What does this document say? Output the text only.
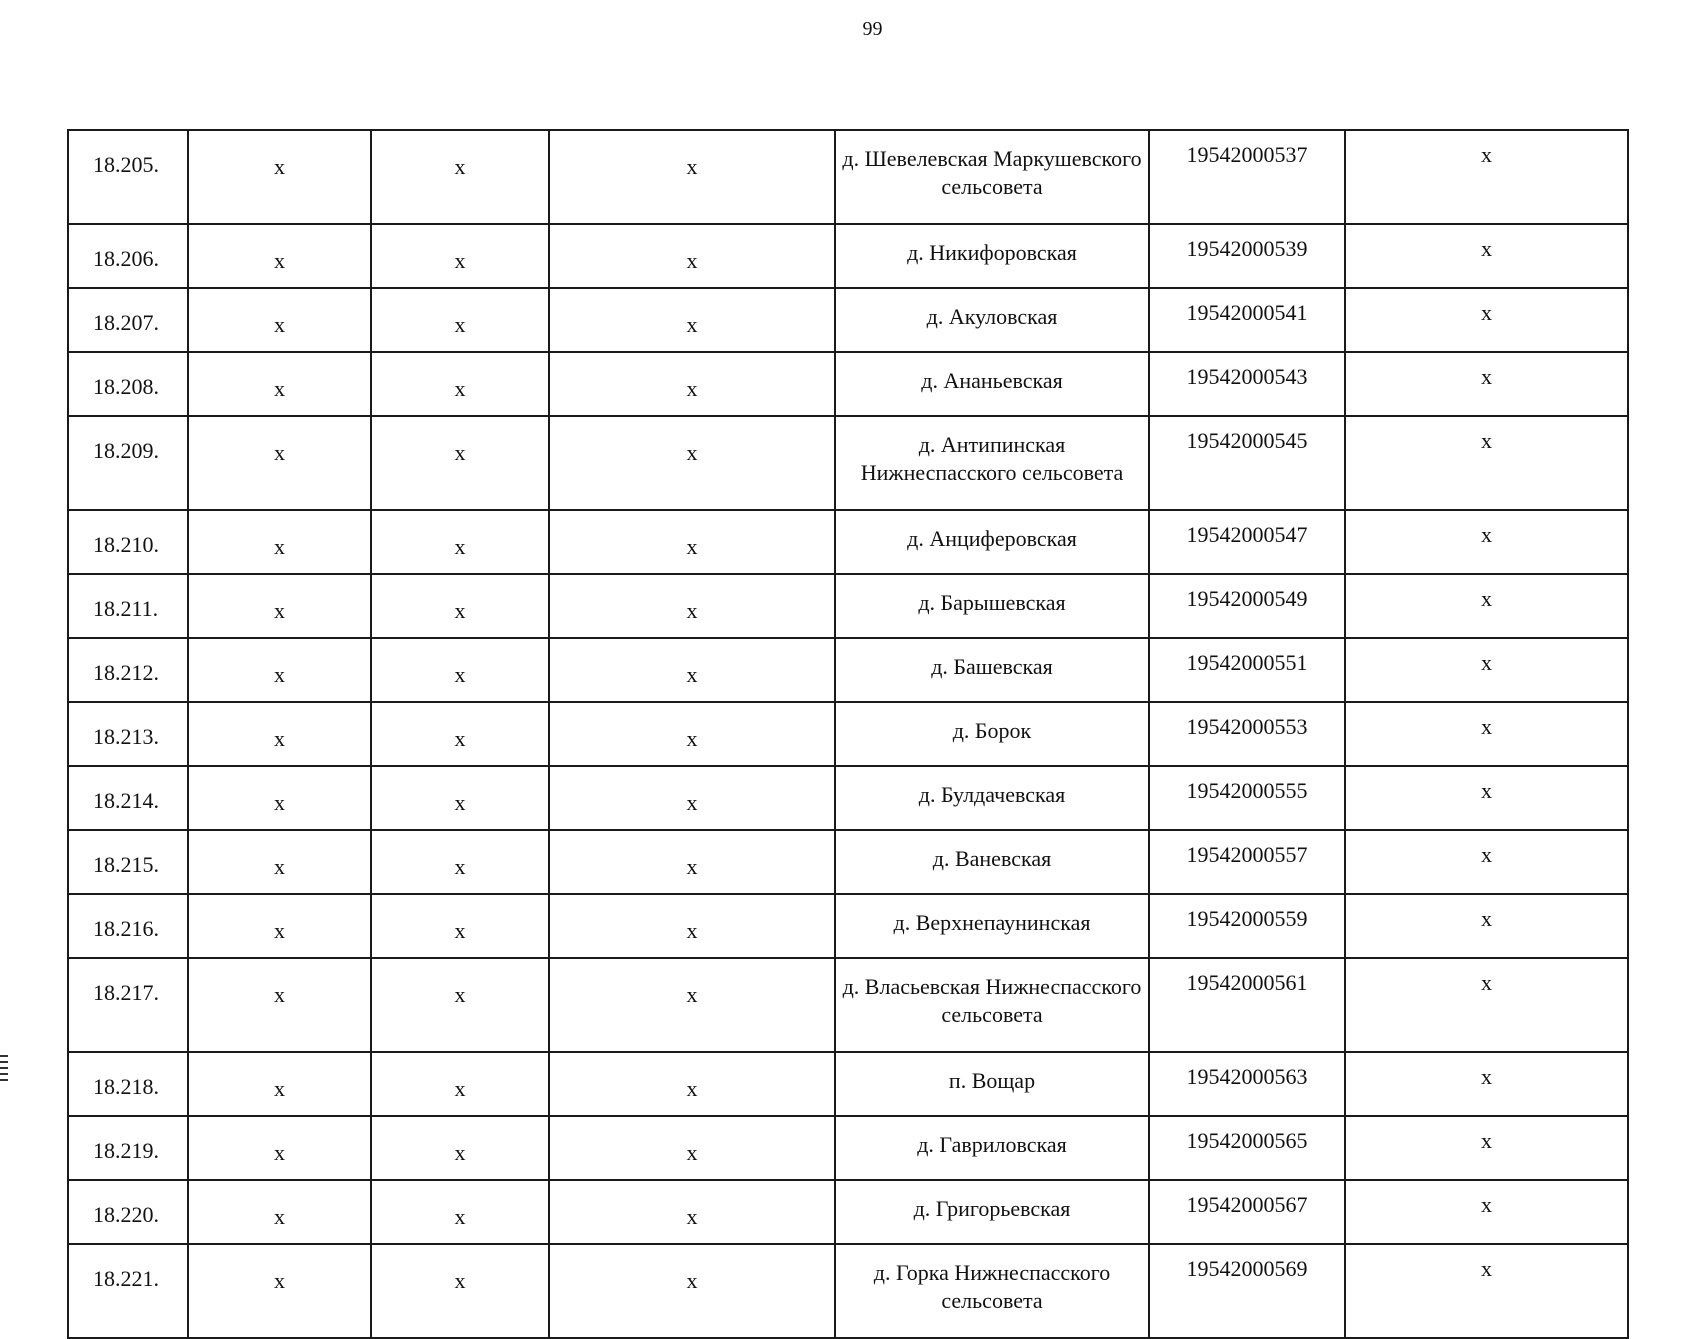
99
18.205.	х	х	х	д. Шевелевская Маркушевского сельсовета	19542000537	х
18.206.	х	х	х	д. Никифоровская	19542000539	х
18.207.	х	х	х	д. Акуловская	19542000541	х
18.208.	х	х	х	д. Ананьевская	19542000543	х
18.209.	х	х	х	д. Антипинская Нижнеспасского сельсовета	19542000545	х
18.210.	х	х	х	д. Анциферовская	19542000547	х
18.211.	х	х	х	д. Барышевская	19542000549	х
18.212.	х	х	х	д. Башевская	19542000551	х
18.213.	х	х	х	д. Борок	19542000553	х
18.214.	х	х	х	д. Булдачевская	19542000555	х
18.215.	х	х	х	д. Ваневская	19542000557	х
18.216.	х	х	х	д. Верхнепаунинская	19542000559	х
18.217.	х	х	х	д. Власьевская Нижнеспасского сельсовета	19542000561	х
18.218.	х	х	х	п. Вощар	19542000563	х
18.219.	х	х	х	д. Гавриловская	19542000565	х
18.220.	х	х	х	д. Григорьевская	19542000567	х
18.221.	х	х	х	д. Горка Нижнеспасского сельсовета	19542000569	х
